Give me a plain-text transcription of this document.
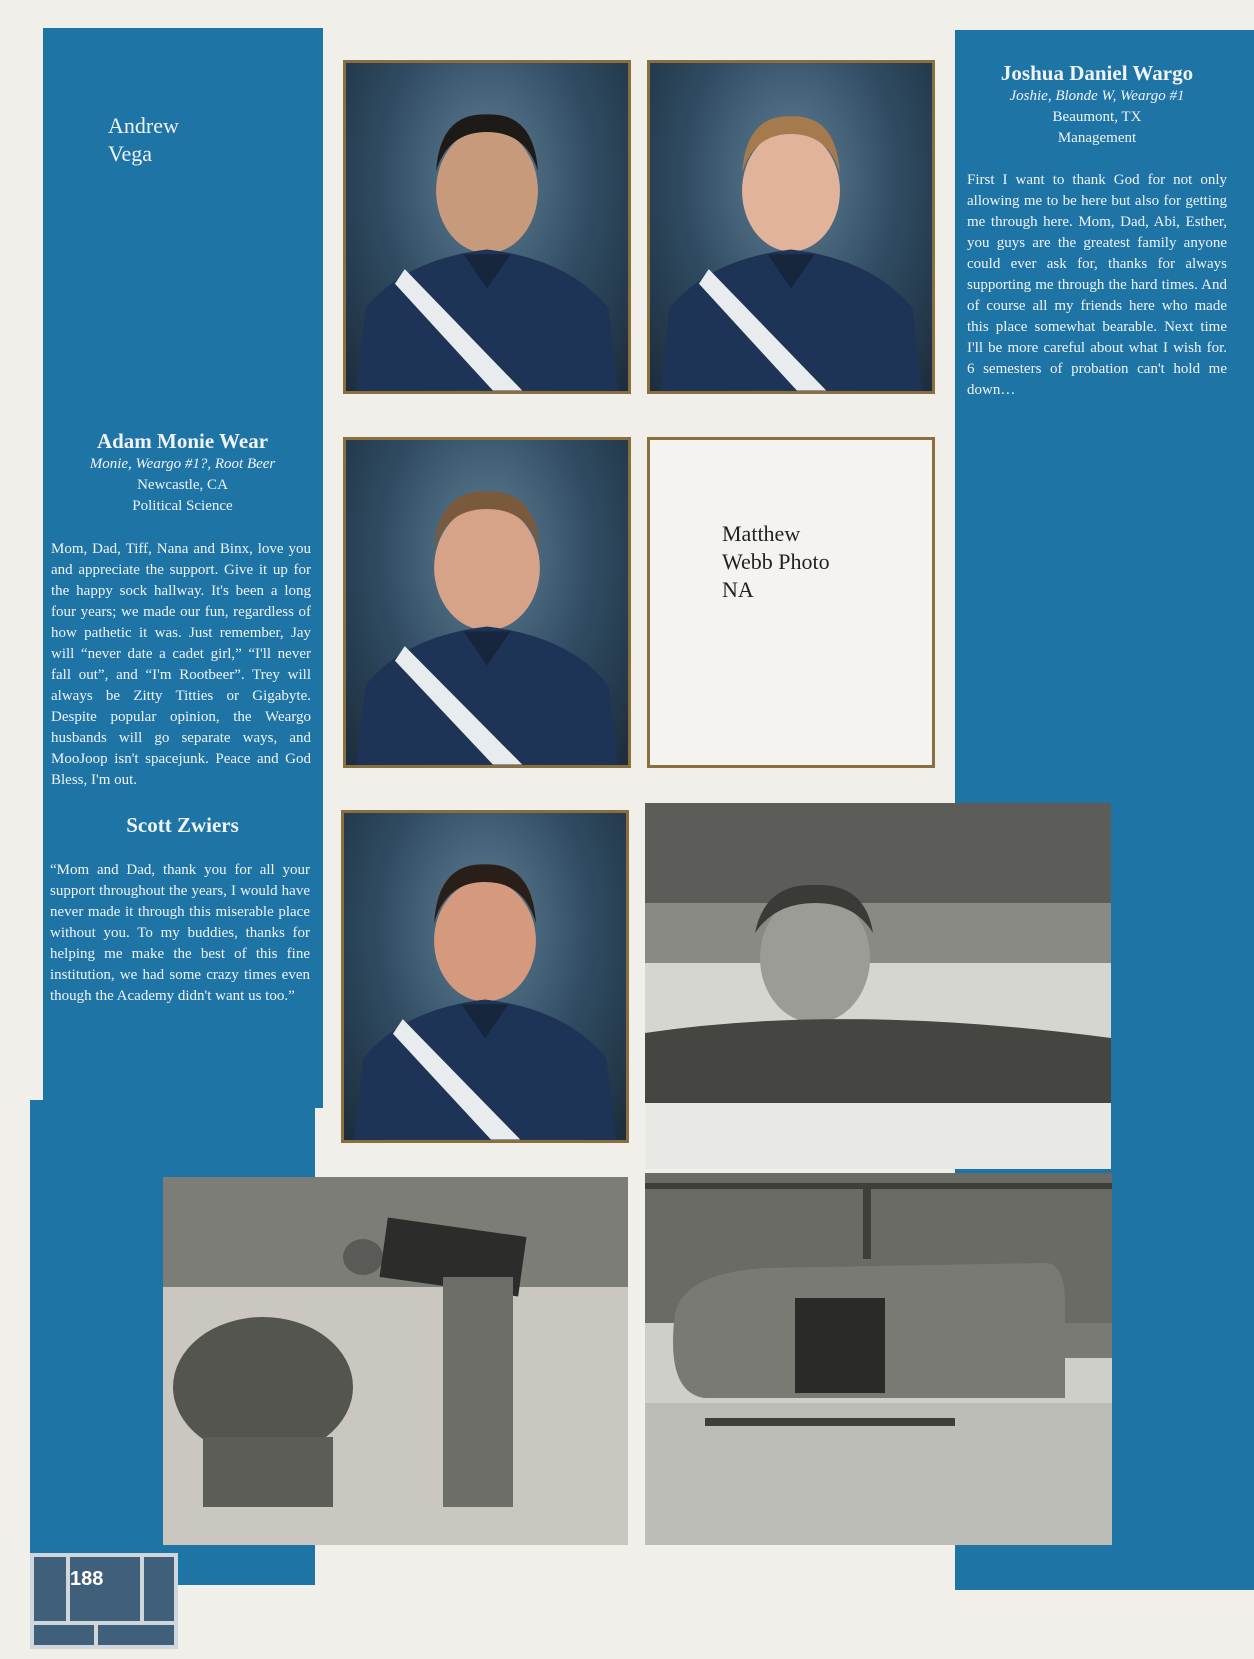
Andrew
Vega
Adam Monie Wear
Monie, Weargo #1?, Root Beer
Newcastle, CA
Political Science
Mom, Dad, Tiff, Nana and Binx, love you and appreciate the support. Give it up for the happy sock hallway. It's been a long four years; we made our fun, regardless of how pathetic it was. Just remember, Jay will “never date a cadet girl,” “I'll never fall out”, and “I'm Rootbeer”. Trey will always be Zitty Titties or Gigabyte. Despite popular opinion, the Weargo husbands will go separate ways, and MooJoop isn't spacejunk. Peace and God Bless, I'm out.
Scott Zwiers
“Mom and Dad, thank you for all your support throughout the years, I would have never made it through this miserable place without you. To my buddies, thanks for helping me make the best of this fine institution, we had some crazy times even though the Academy didn't want us too.”
Joshua Daniel Wargo
Joshie, Blonde W, Weargo #1
Beaumont, TX
Management
First I want to thank God for not only allowing me to be here but also for getting me through here. Mom, Dad, Abi, Esther, you guys are the greatest family anyone could ever ask for, thanks for always supporting me through the hard times. And of course all my friends here who made this place somewhat bearable. Next time I'll be more careful about what I wish for. 6 semesters of probation can't hold me down…
Matthew
Webb Photo
NA
188
